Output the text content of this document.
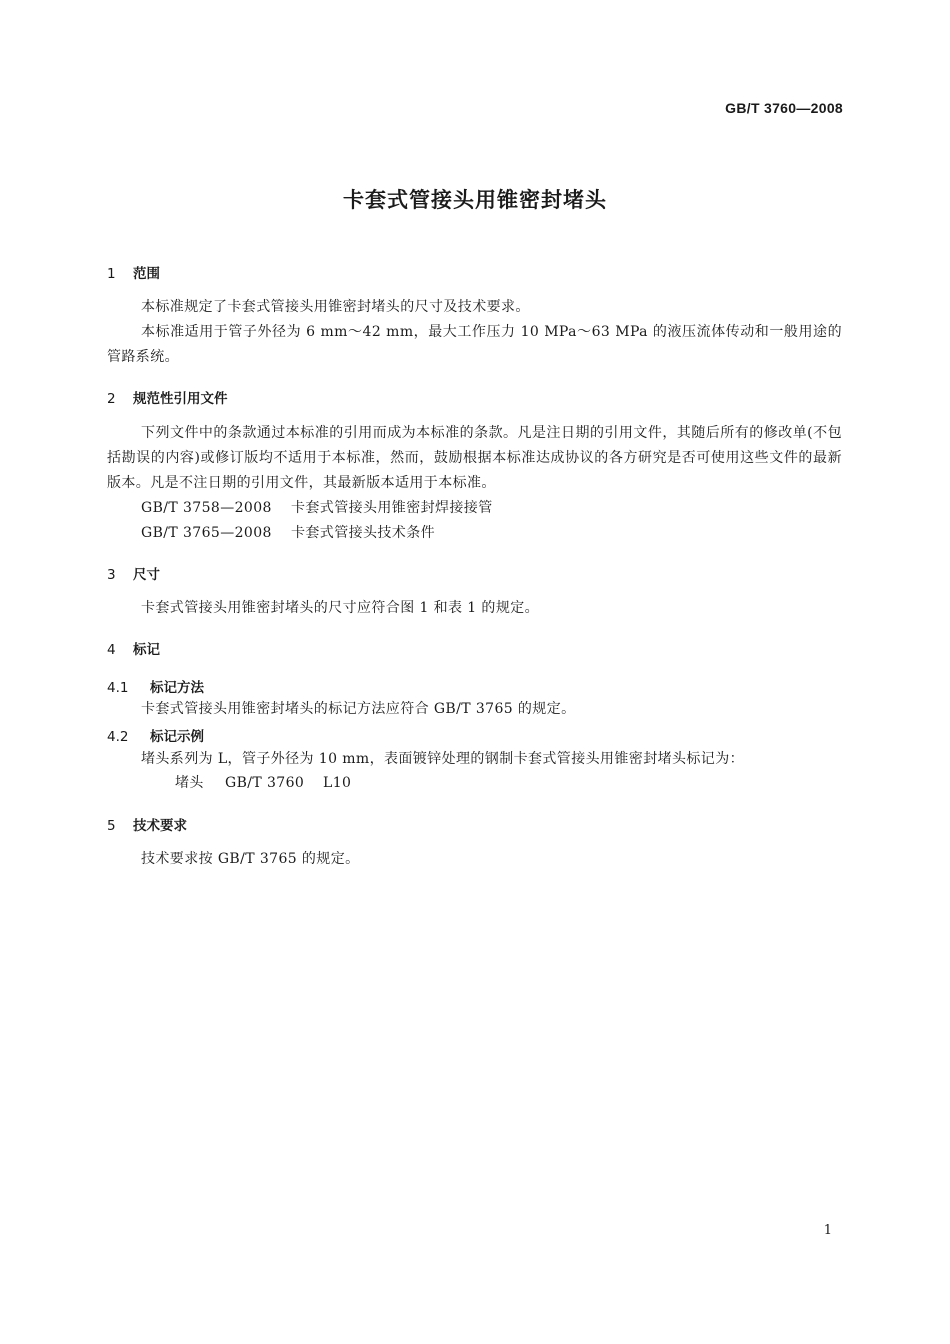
GB/T 3760—2008
卡套式管接头用锥密封堵头
1 范围
本标准规定了卡套式管接头用锥密封堵头的尺寸及技术要求。
本标准适用于管子外径为 6 mm～42 mm，最大工作压力 10 MPa～63 MPa 的液压流体传动和一般用途的管路系统。
2 规范性引用文件
下列文件中的条款通过本标准的引用而成为本标准的条款。凡是注日期的引用文件，其随后所有的修改单(不包括勘误的内容)或修订版均不适用于本标准，然而，鼓励根据本标准达成协议的各方研究是否可使用这些文件的最新版本。凡是不注日期的引用文件，其最新版本适用于本标准。
GB/T 3758—2008 卡套式管接头用锥密封焊接接管
GB/T 3765—2008 卡套式管接头技术条件
3 尺寸
卡套式管接头用锥密封堵头的尺寸应符合图 1 和表 1 的规定。
4 标记
4.1 标记方法
卡套式管接头用锥密封堵头的标记方法应符合 GB/T 3765 的规定。
4.2 标记示例
堵头系列为 L，管子外径为 10 mm，表面镀锌处理的钢制卡套式管接头用锥密封堵头标记为：
堵头 GB/T 3760 L10
5 技术要求
技术要求按 GB/T 3765 的规定。
1
